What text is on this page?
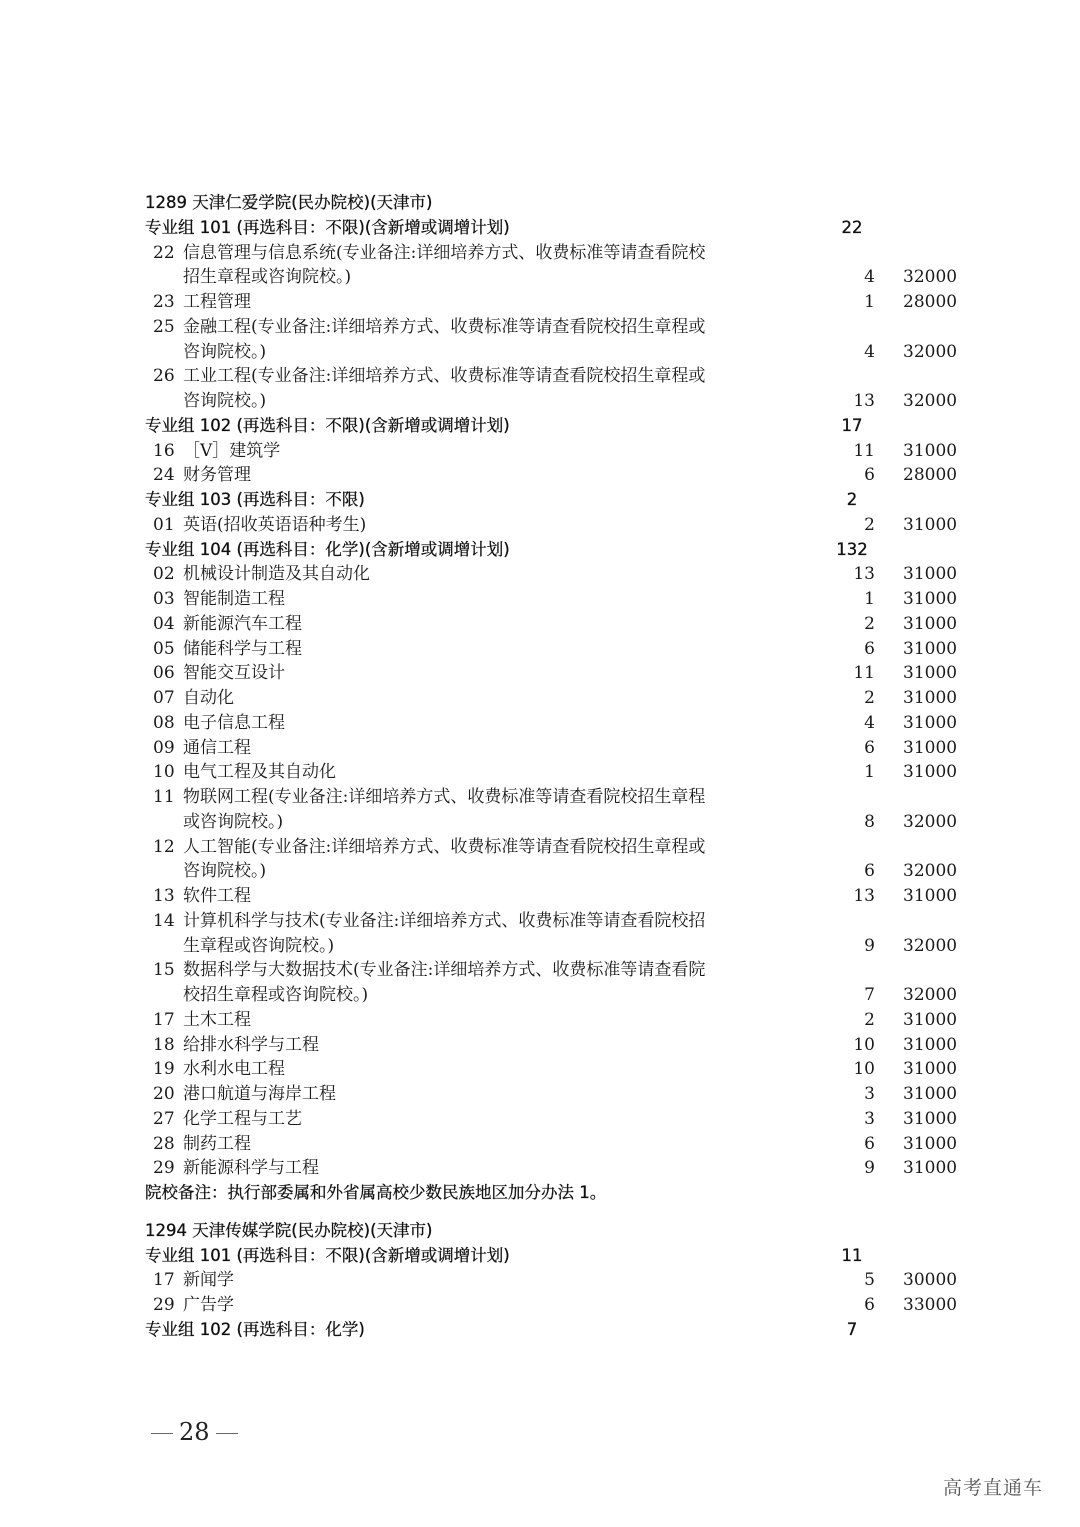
1289 天津仁爱学院(民办院校)(天津市)
专业组 101 (再选科目：不限)(含新增或调增计划)	22
22 信息管理与信息系统(专业备注:详细培养方式、收费标准等请查看院校
招生章程或咨询院校。)	4 32000
23 工程管理	1 28000
25 金融工程(专业备注:详细培养方式、收费标准等请查看院校招生章程或
咨询院校。)	4 32000
26 工业工程(专业备注:详细培养方式、收费标准等请查看院校招生章程或
咨询院校。)	13 32000
专业组 102 (再选科目：不限)(含新增或调增计划)	17
16 ［V］建筑学	11 31000
24 财务管理	6 28000
专业组 103 (再选科目：不限)	2
01 英语(招收英语语种考生)	2 31000
专业组 104 (再选科目：化学)(含新增或调增计划)	132
02 机械设计制造及其自动化	13 31000
03 智能制造工程	1 31000
04 新能源汽车工程	2 31000
05 储能科学与工程	6 31000
06 智能交互设计	11 31000
07 自动化	2 31000
08 电子信息工程	4 31000
09 通信工程	6 31000
10 电气工程及其自动化	1 31000
11 物联网工程(专业备注:详细培养方式、收费标准等请查看院校招生章程
或咨询院校。)	8 32000
12 人工智能(专业备注:详细培养方式、收费标准等请查看院校招生章程或
咨询院校。)	6 32000
13 软件工程	13 31000
14 计算机科学与技术(专业备注:详细培养方式、收费标准等请查看院校招
生章程或咨询院校。)	9 32000
15 数据科学与大数据技术(专业备注:详细培养方式、收费标准等请查看院
校招生章程或咨询院校。)	7 32000
17 土木工程	2 31000
18 给排水科学与工程	10 31000
19 水利水电工程	10 31000
20 港口航道与海岸工程	3 31000
27 化学工程与工艺	3 31000
28 制药工程	6 31000
29 新能源科学与工程	9 31000
院校备注：执行部委属和外省属高校少数民族地区加分办法 1。
1294 天津传媒学院(民办院校)(天津市)
专业组 101 (再选科目：不限)(含新增或调增计划)	11
17 新闻学	5 30000
29 广告学	6 33000
专业组 102 (再选科目：化学)	7
28
高考直通车
